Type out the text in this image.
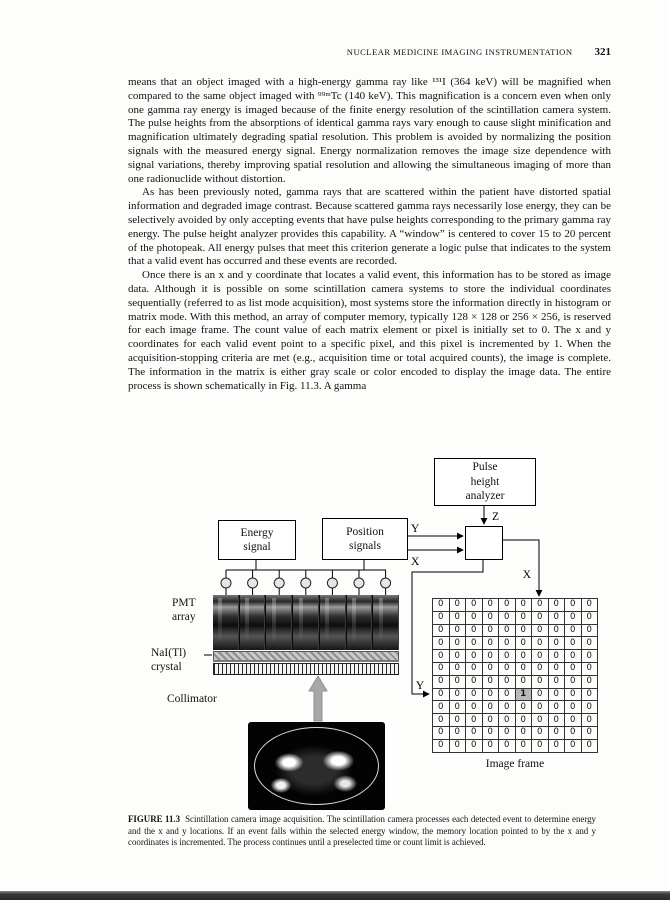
NUCLEAR MEDICINE IMAGING INSTRUMENTATION 321

means that an object imaged with a high-energy gamma ray like ¹³¹I (364 keV) will be magnified when compared to the same object imaged with ⁹⁹ᵐTc (140 keV). This magnification is a concern even when only one gamma ray energy is imaged because of the finite energy resolution of the scintillation camera system. The pulse heights from the absorptions of identical gamma rays vary enough to cause slight minification and magnification ultimately degrading spatial resolution. This problem is avoided by normalizing the position signals with the measured energy signal. Energy normalization removes the image size dependence with signal variations, thereby improving spatial resolution and allowing the simultaneous imaging of more than one radionuclide without distortion.

As has been previously noted, gamma rays that are scattered within the patient have distorted spatial information and degraded image contrast. Because scattered gamma rays necessarily lose energy, they can be selectively avoided by only accepting events that have pulse heights corresponding to the primary gamma ray energy. The pulse height analyzer provides this capability. A “window” is centered to cover 15 to 20 percent of the photopeak. All energy pulses that meet this criterion generate a logic pulse that indicates to the system that a valid event has occurred and these events are recorded.

Once there is an x and y coordinate that locates a valid event, this information has to be stored as image data. Although it is possible on some scintillation camera systems to store the individual coordinates sequentially (referred to as list mode acquisition), most systems store the information directly in histogram or matrix mode. With this method, an array of computer memory, typically 128 × 128 or 256 × 256, is reserved for each image frame. The count value of each matrix element or pixel is initially set to 0. The x and y coordinates for each valid event point to a specific pixel, and this pixel is incremented by 1. When the acquisition-stopping criteria are met (e.g., acquisition time or total acquired counts), the image is complete. The information in the matrix is either gray scale or color encoded to display the image data. The entire process is shown schematically in Fig. 11.3. A gamma

Z
Y
X
X
Y
Pulse height analyzer
Energy signal
Position signals
PMT array
NaI(Tl) crystal
Collimator
0	0	0	0	0	0	0	0	0	0
0	0	0	0	0	0	0	0	0	0
0	0	0	0	0	0	0	0	0	0
0	0	0	0	0	0	0	0	0	0
0	0	0	0	0	0	0	0	0	0
0	0	0	0	0	0	0	0	0	0
0	0	0	0	0	0	0	0	0	0
0	0	0	0	0	1	0	0	0	0
0	0	0	0	0	0	0	0	0	0
0	0	0	0	0	0	0	0	0	0
0	0	0	0	0	0	0	0	0	0
0	0	0	0	0	0	0	0	0	0
Image frame
FIGURE 11.3 Scintillation camera image acquisition. The scintillation camera processes each detected event to determine energy and the x and y locations. If an event falls within the selected energy window, the memory location pointed to by the x and y coordinates is incremented. The process continues until a preselected time or count limit is achieved.
